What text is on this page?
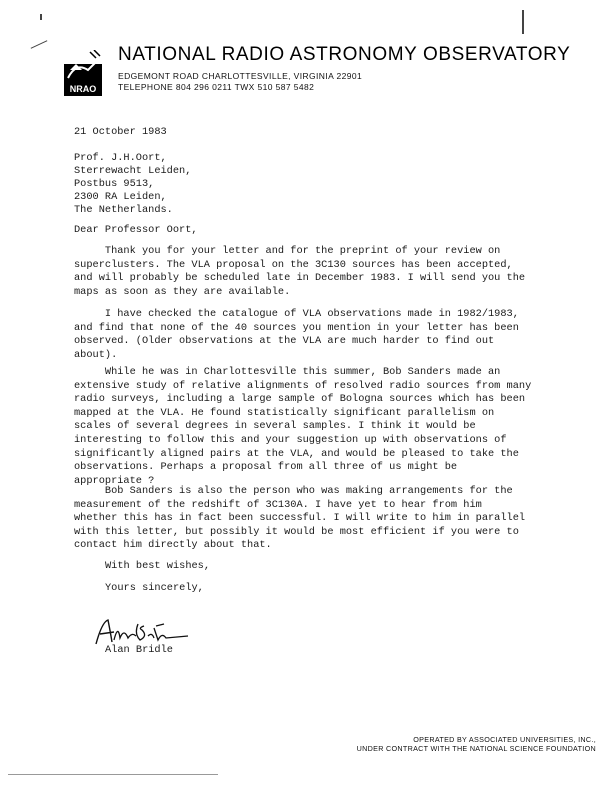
NRAO
NATIONAL RADIO ASTRONOMY OBSERVATORY
EDGEMONT ROAD CHARLOTTESVILLE, VIRGINIA 22901
TELEPHONE 804 296 0211 TWX 510 587 5482
21 October 1983
Prof. J.H.Oort,
Sterrewacht Leiden,
Postbus 9513,
2300 RA Leiden,
The Netherlands.
Dear Professor Oort,
Thank you for your letter and for the preprint of your review on
superclusters. The VLA proposal on the 3C130 sources has been accepted,
and will probably be scheduled late in December 1983. I will send you the
maps as soon as they are available.
I have checked the catalogue of VLA observations made in 1982/1983,
and find that none of the 40 sources you mention in your letter has been
observed. (Older observations at the VLA are much harder to find out
about).
While he was in Charlottesville this summer, Bob Sanders made an
extensive study of relative alignments of resolved radio sources from many
radio surveys, including a large sample of Bologna sources which has been
mapped at the VLA. He found statistically significant parallelism on
scales of several degrees in several samples. I think it would be
interesting to follow this and your suggestion up with observations of
significantly aligned pairs at the VLA, and would be pleased to take the
observations. Perhaps a proposal from all three of us might be
appropriate ?
Bob Sanders is also the person who was making arrangements for the
measurement of the redshift of 3C130A. I have yet to hear from him
whether this has in fact been successful. I will write to him in parallel
with this letter, but possibly it would be most efficient if you were to
contact him directly about that.
With best wishes,
Yours sincerely,
Alan Bridle
OPERATED BY ASSOCIATED UNIVERSITIES, INC.,
UNDER CONTRACT WITH THE NATIONAL SCIENCE FOUNDATION
